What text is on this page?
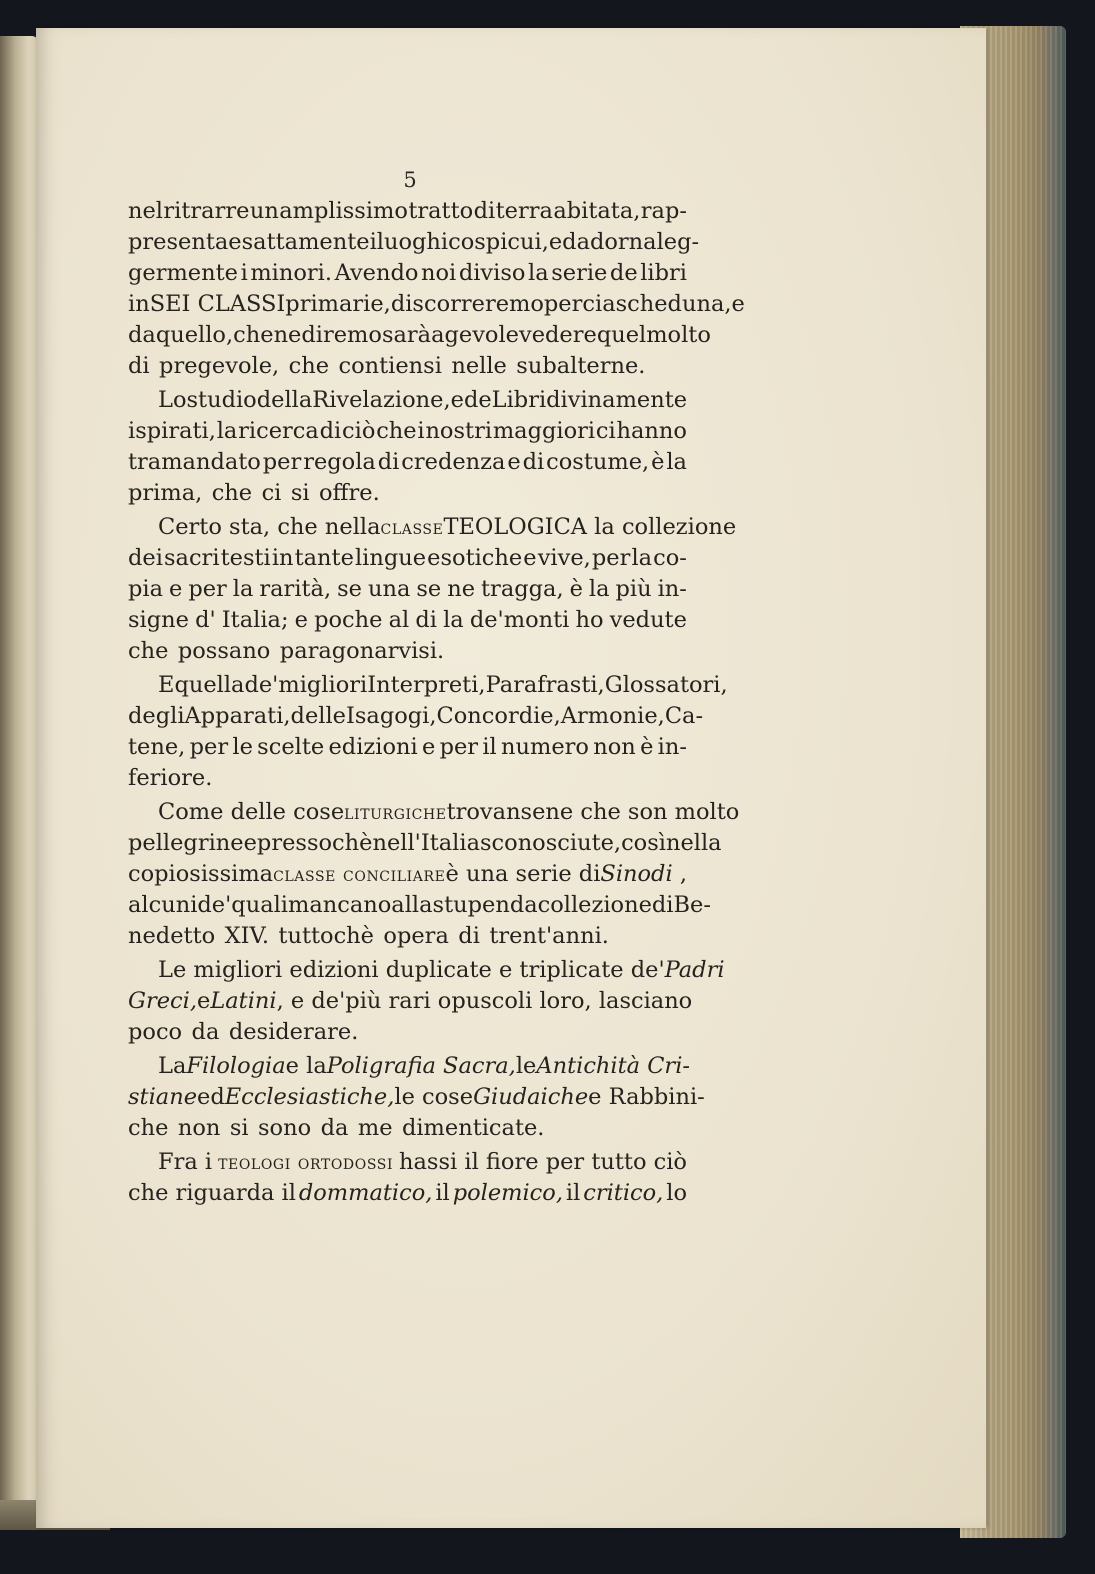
5
nel ritrarre un amplissimo tratto di terra abitata, rap-
presenta esattamente i luoghi cospicui, ed adorna leg-
germente i minori. Avendo noi diviso la serie de libri
in SEI CLASSI primarie, discorreremo per ciascheduna, e
da quello, che ne diremo sarà agevole vedere quel molto
di pregevole, che contiensi nelle subalterne.
Lo studio della Rivelazione, e de Libri divinamente
ispirati, la ricerca di ciò che i nostri maggiori ci hanno
tramandato per regola di credenza e di costume, è la
prima, che ci si offre.
Certo sta, che nella classe TEOLOGICA la collezione
dei sacri testi in tante lingue esotiche e vive, per la co-
pia e per la rarità, se una se ne tragga, è la più in-
signe d' Italia; e poche al di la de'monti ho vedute
che possano paragonarvisi.
E quella de'migliori Interpreti, Parafrasti, Glossatori,
degli Apparati, delle Isagogi, Concordie, Armonie, Ca-
tene, per le scelte edizioni e per il numero non è in-
feriore.
Come delle cose liturgiche trovansene che son molto
pellegrine e pressochè nell'Italia sconosciute, così nella
copiosissima classe conciliare è una serie di Sinodi ,
alcuni de'quali mancano alla stupenda collezione di Be-
nedetto XIV. tuttochè opera di trent'anni.
Le migliori edizioni duplicate e triplicate de' Padri
Greci, e Latini, e de'più rari opuscoli loro, lasciano
poco da desiderare.
La Filologia e la Poligrafia Sacra, le Antichità Cri-
stiane ed Ecclesiastiche, le cose Giudaiche e Rabbini-
che non si sono da me dimenticate.
Fra i teologi ortodossi hassi il fiore per tutto ciò
che riguarda il dommatico, il polemico, il critico, lo
